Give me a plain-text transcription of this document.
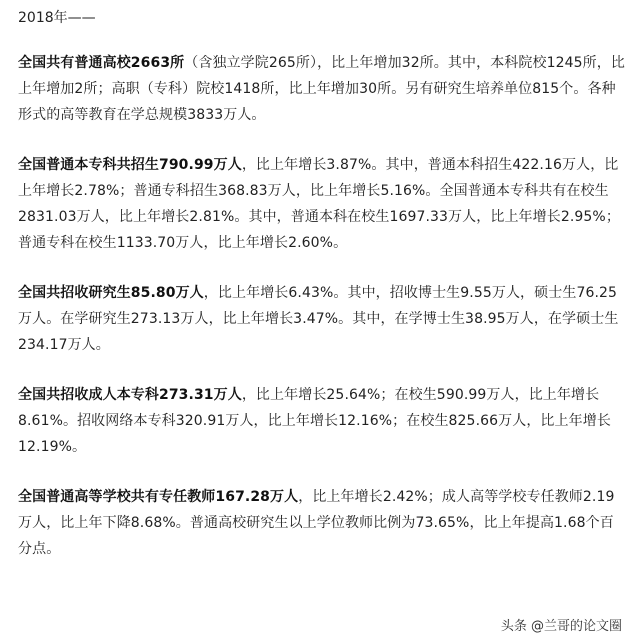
2018年——

全国共有普通高校2663所（含独立学院265所），比上年增加32所。其中，本科院校1245所，比上年增加2所；高职（专科）院校1418所，比上年增加30所。另有研究生培养单位815个。各种形式的高等教育在学总规模3833万人。

全国普通本专科共招生790.99万人，比上年增长3.87%。其中，普通本科招生422.16万人，比上年增长2.78%；普通专科招生368.83万人，比上年增长5.16%。全国普通本专科共有在校生2831.03万人，比上年增长2.81%。其中，普通本科在校生1697.33万人，比上年增长2.95%；普通专科在校生1133.70万人，比上年增长2.60%。

全国共招收研究生85.80万人，比上年增长6.43%。其中，招收博士生9.55万人，硕士生76.25万人。在学研究生273.13万人，比上年增长3.47%。其中，在学博士生38.95万人，在学硕士生234.17万人。

全国共招收成人本专科273.31万人，比上年增长25.64%；在校生590.99万人，比上年增长8.61%。招收网络本专科320.91万人，比上年增长12.16%；在校生825.66万人，比上年增长12.19%。

全国普通高等学校共有专任教师167.28万人，比上年增长2.42%；成人高等学校专任教师2.19万人，比上年下降8.68%。普通高校研究生以上学位教师比例为73.65%，比上年提高1.68个百分点。

头条 @兰哥的论文圈
